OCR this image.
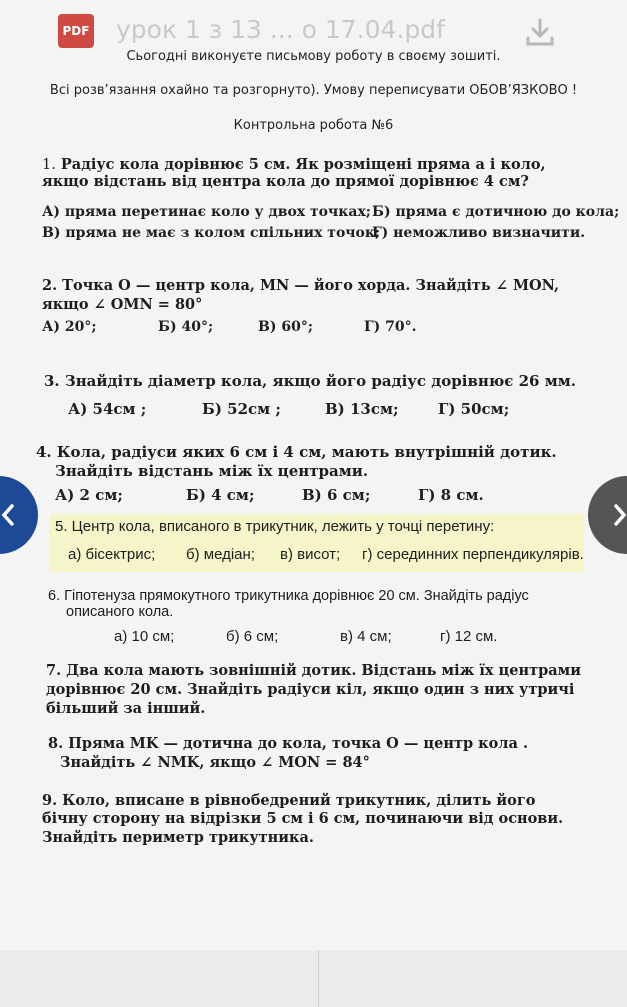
PDF урок 1 з 13 ... о 17.04.pdf
Сьогодні виконуєте письмову роботу в своєму зошиті.
Всі розв’язання охайно та розгорнуто). Умову переписувати ОБОВ’ЯЗКОВО !
Контрольна робота №6
1. Радіус кола дорівнює 5 см. Як розміщені пряма a і коло,
якщо відстань від центра кола до прямої дорівнює 4 см?
А) пряма перетинає коло у двох точках; Б) пряма є дотичною до кола;
В) пряма не має з колом спільних точок;
Г) неможливо визначити.
2. Точка O — центр кола, MN — його хорда. Знайдіть ∠ MON,
якщо ∠ OMN = 80°
А) 20°;	Б) 40°;	В) 60°;	Г) 70°.
3. Знайдіть діаметр кола, якщо його радіус дорівнює 26 мм.
А) 54см ;	Б) 52см ;	В) 13см;	Г) 50см;
4. Кола, радіуси яких 6 см і 4 см, мають внутрішній дотик.
Знайдіть відстань між їх центрами.
А) 2 см;	Б) 4 см;	В) 6 см;	Г) 8 см.
5. Центр кола, вписаного в трикутник, лежить у точці перетину:
а) бісектрис; б) медіан; в) висот; г) серединних перпендикулярів.
6. Гіпотенуза прямокутного трикутника дорівнює 20 см. Знайдіть радіус
описаного кола.
а) 10 см;	б) 6 см;	в) 4 см;	г) 12 см.
7. Два кола мають зовнішній дотик. Відстань між їх центрами
дорівнює 20 см. Знайдіть радіуси кіл, якщо один з них утричі
більший за інший.
8. Пряма MK — дотична до кола, точка O — центр кола .
Знайдіть ∠ NMK, якщо ∠ MON = 84°
9. Коло, вписане в рівнобедрений трикутник, ділить його
бічну сторону на відрізки 5 см і 6 см, починаючи від основи.
Знайдіть периметр трикутника.
